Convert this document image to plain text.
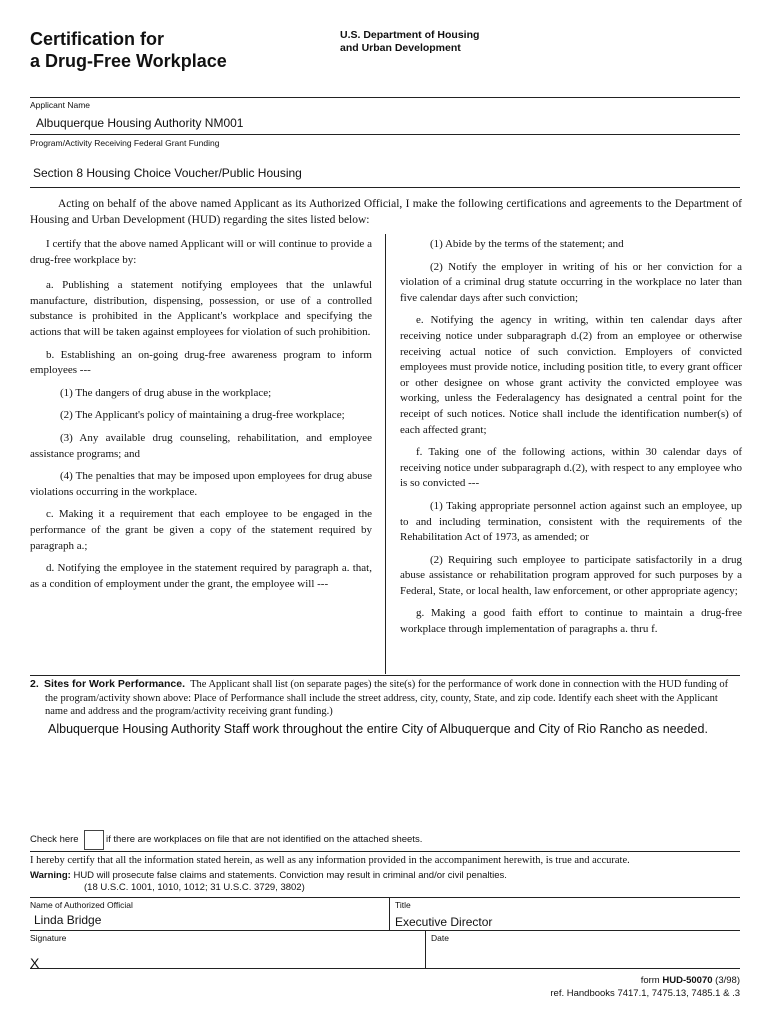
Certification for
a Drug-Free Workplace
U.S. Department of Housing
and Urban Development
Applicant Name
Albuquerque Housing Authority NM001
Program/Activity Receiving Federal Grant Funding
Section 8 Housing Choice Voucher/Public Housing
Acting on behalf of the above named Applicant as its Authorized Official, I make the following certifications and agreements to the Department of Housing and Urban Development (HUD) regarding the sites listed below:

I certify that the above named Applicant will or will continue to provide a drug-free workplace by:

a. Publishing a statement notifying employees that the unlawful manufacture, distribution, dispensing, possession, or use of a controlled substance is prohibited in the Applicant's workplace and specifying the actions that will be taken against employees for violation of such prohibition.

b. Establishing an on-going drug-free awareness program to inform employees ---

(1) The dangers of drug abuse in the workplace;

(2) The Applicant's policy of maintaining a drug-free workplace;

(3) Any available drug counseling, rehabilitation, and employee assistance programs; and

(4) The penalties that may be imposed upon employees for drug abuse violations occurring in the workplace.

c. Making it a requirement that each employee to be engaged in the performance of the grant be given a copy of the statement required by paragraph a.;

d. Notifying the employee in the statement required by paragraph a. that, as a condition of employment under the grant, the employee will ---

(1) Abide by the terms of the statement; and

(2) Notify the employer in writing of his or her conviction for a violation of a criminal drug statute occurring in the workplace no later than five calendar days after such conviction;

e. Notifying the agency in writing, within ten calendar days after receiving notice under subparagraph d.(2) from an employee or otherwise receiving actual notice of such conviction. Employers of convicted employees must provide notice, including position title, to every grant officer or other designee on whose grant activity the convicted employee was working, unless the Federalagency has designated a central point for the receipt of such notices. Notice shall include the identification number(s) of each affected grant;

f. Taking one of the following actions, within 30 calendar days of receiving notice under subparagraph d.(2), with respect to any employee who is so convicted ---

(1) Taking appropriate personnel action against such an employee, up to and including termination, consistent with the requirements of the Rehabilitation Act of 1973, as amended; or

(2) Requiring such employee to participate satisfactorily in a drug abuse assistance or rehabilitation program approved for such purposes by a Federal, State, or local health, law enforcement, or other appropriate agency;

g. Making a good faith effort to continue to maintain a drug-free workplace through implementation of paragraphs a. thru f.

2. Sites for Work Performance. The Applicant shall list (on separate pages) the site(s) for the performance of work done in connection with the HUD funding of the program/activity shown above: Place of Performance shall include the street address, city, county, State, and zip code. Identify each sheet with the Applicant name and address and the program/activity receiving grant funding.)
Albuquerque Housing Authority Staff work throughout the entire City of Albuquerque and City of Rio Rancho as needed.
Check here	if there are workplaces on file that are not identified on the attached sheets.
I hereby certify that all the information stated herein, as well as any information provided in the accompaniment herewith, is true and accurate.
Warning: HUD will prosecute false claims and statements. Conviction may result in criminal and/or civil penalties.
(18 U.S.C. 1001, 1010, 1012; 31 U.S.C. 3729, 3802)
Name of Authorized Official
Linda Bridge
Title
Executive Director
Signature
X
Date
form HUD-50070 (3/98)
ref. Handbooks 7417.1, 7475.13, 7485.1 & .3
